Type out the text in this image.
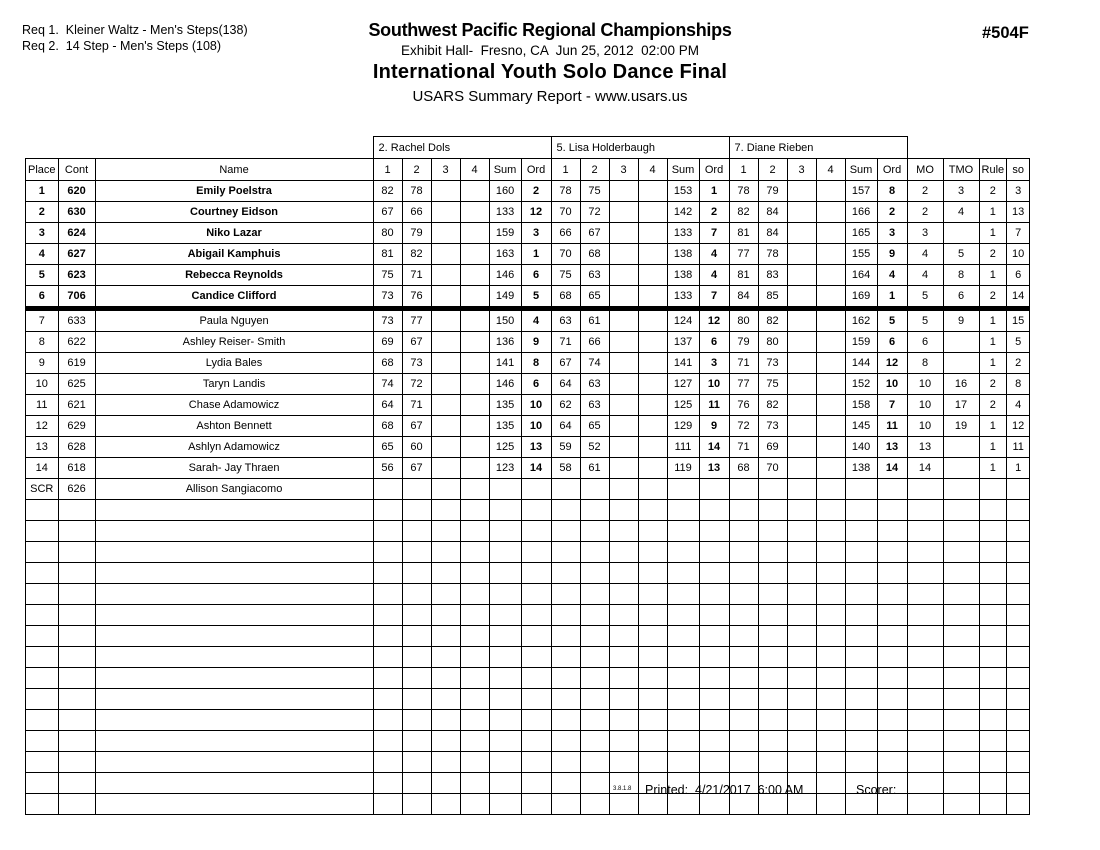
Req 1.  Kleiner Waltz - Men's Steps(138)
Req 2.  14 Step - Men's Steps (108)
Southwest Pacific Regional Championships
Exhibit Hall-  Fresno, CA  Jun 25, 2012  02:00 PM
International Youth Solo Dance Final
USARS Summary Report - www.usars.us
#504F
			2. Rachel Dols						5. Lisa Holderbaugh						7. Diane Rieben									
Place	Cont	Name	1	2	3	4	Sum	Ord	1	2	3	4	Sum	Ord	1	2	3	4	Sum	Ord	MO	TMO	Rule	so
1	620	Emily Poelstra	82	78			160	2	78	75			153	1	78	79			157	8	2	3	2	3
2	630	Courtney Eidson	67	66			133	12	70	72			142	2	82	84			166	2	2	4	1	13
3	624	Niko Lazar	80	79			159	3	66	67			133	7	81	84			165	3	3		1	7
4	627	Abigail Kamphuis	81	82			163	1	70	68			138	4	77	78			155	9	4	5	2	10
5	623	Rebecca Reynolds	75	71			146	6	75	63			138	4	81	83			164	4	4	8	1	6
6	706	Candice Clifford	73	76			149	5	68	65			133	7	84	85			169	1	5	6	2	14
7	633	Paula Nguyen	73	77			150	4	63	61			124	12	80	82			162	5	5	9	1	15
8	622	Ashley Reiser- Smith	69	67			136	9	71	66			137	6	79	80			159	6	6		1	5
9	619	Lydia Bales	68	73			141	8	67	74			141	3	71	73			144	12	8		1	2
10	625	Taryn Landis	74	72			146	6	64	63			127	10	77	75			152	10	10	16	2	8
11	621	Chase Adamowicz	64	71			135	10	62	63			125	11	76	82			158	7	10	17	2	4
12	629	Ashton Bennett	68	67			135	10	64	65			129	9	72	73			145	11	10	19	1	12
13	628	Ashlyn Adamowicz	65	60			125	13	59	52			111	14	71	69			140	13	13		1	11
14	618	Sarah- Jay Thraen	56	67			123	14	58	61			119	13	68	70			138	14	14		1	1
SCR	626	Allison Sangiacomo																						

3.8.1.8 Printed: 4/21/2017  6:00 AM	Scorer:
